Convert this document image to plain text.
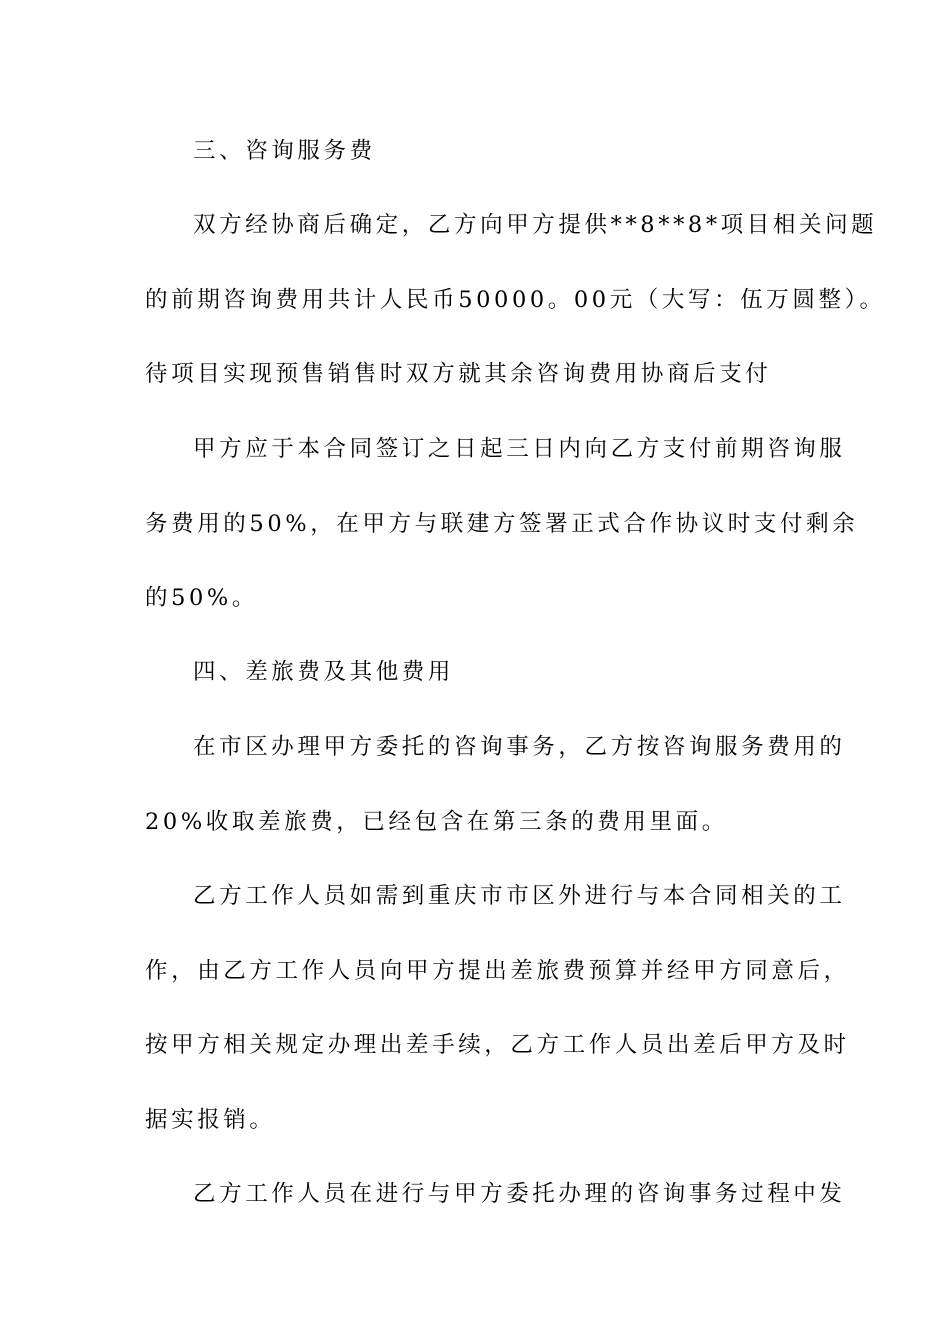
三、咨询服务费
双方经协商后确定，乙方向甲方提供**8**8*项目相关问题
的前期咨询费用共计人民币50000。00元（大写：伍万圆整）。
待项目实现预售销售时双方就其余咨询费用协商后支付
甲方应于本合同签订之日起三日内向乙方支付前期咨询服
务费用的50%，在甲方与联建方签署正式合作协议时支付剩余
的50%。
四、差旅费及其他费用
在市区办理甲方委托的咨询事务，乙方按咨询服务费用的
20%收取差旅费，已经包含在第三条的费用里面。
乙方工作人员如需到重庆市市区外进行与本合同相关的工
作，由乙方工作人员向甲方提出差旅费预算并经甲方同意后，
按甲方相关规定办理出差手续，乙方工作人员出差后甲方及时
据实报销。
乙方工作人员在进行与甲方委托办理的咨询事务过程中发
